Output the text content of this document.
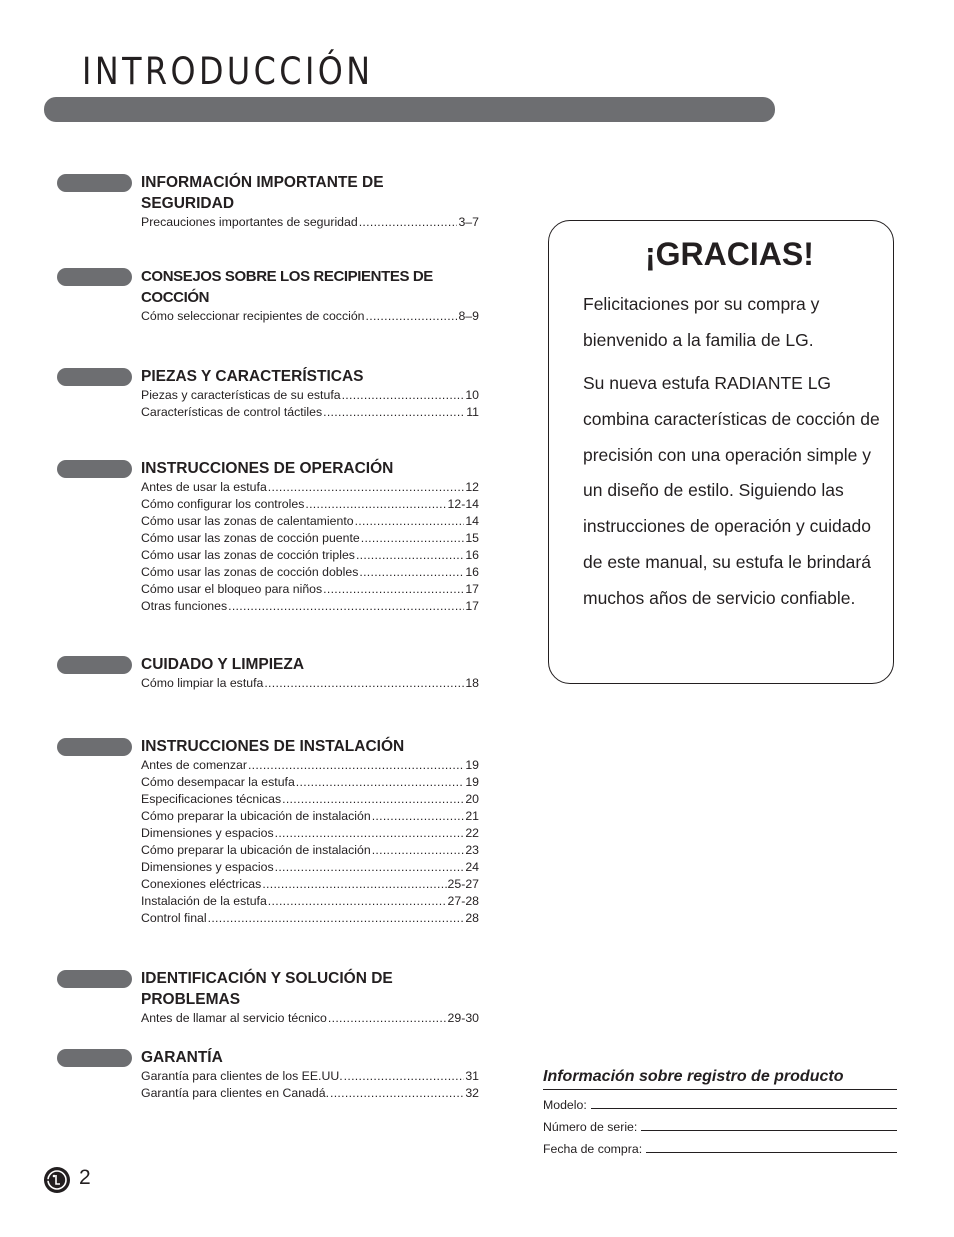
INTRODUCCIÓN
INFORMACIÓN IMPORTANTE DE SEGURIDAD
Precauciones importantes de seguridad .....	3–7
CONSEJOS SOBRE LOS RECIPIENTES DE COCCIÓN
Cómo seleccionar recipientes de cocción .....	8–9
PIEZAS Y CARACTERÍSTICAS
Piezas y características de su estufa .....	10
Características de control táctiles .....	11
INSTRUCCIONES DE OPERACIÓN
Antes de usar la estufa .....	12
Cómo configurar los controles .....	12-14
Cómo usar las zonas de calentamiento .....	14
Cómo usar las zonas de cocción puente .....	15
Cómo usar las zonas de cocción triples .....	16
Cómo usar las zonas de cocción dobles .....	16
Cómo usar el bloqueo para niños .....	17
Otras funciones .....	17
CUIDADO Y LIMPIEZA
Cómo limpiar la estufa .....	18
INSTRUCCIONES DE INSTALACIÓN
Antes de comenzar .....	19
Cómo desempacar la estufa .....	19
Especificaciones técnicas .....	20
Cómo preparar la ubicación de instalación .....	21
Dimensiones y espacios .....	22
Cómo preparar la ubicación de instalación .....	23
Dimensiones y espacios .....	24
Conexiones eléctricas .....	25-27
Instalación de la estufa .....	27-28
Control final .....	28
IDENTIFICACIÓN Y SOLUCIÓN DE PROBLEMAS
Antes de llamar al servicio técnico .....	29-30
GARANTÍA
Garantía para clientes de los EE.UU. .....	31
Garantía para clientes en Canadá. .....	32
¡GRACIAS!
Felicitaciones por su compra y bienvenido a la familia de LG.
Su nueva estufa RADIANTE LG combina características de cocción de precisión con una operación simple y un diseño de estilo. Siguiendo las instrucciones de operación y cuidado de este manual, su estufa le brindará muchos años de servicio confiable.
Información sobre registro de producto
Modelo:
Número de serie:
Fecha de compra:
2
